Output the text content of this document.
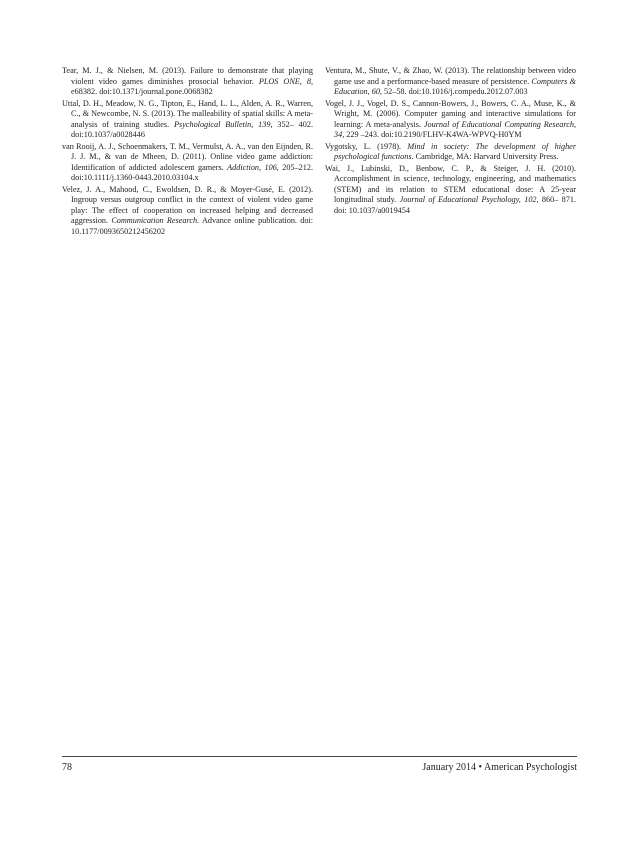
Tear, M. J., & Nielsen, M. (2013). Failure to demonstrate that playing violent video games diminishes prosocial behavior. PLOS ONE, 8, e68382. doi:10.1371/journal.pone.0068382

Uttal, D. H., Meadow, N. G., Tipton, E., Hand, L. L., Alden, A. R., Warren, C., & Newcombe, N. S. (2013). The malleability of spatial skills: A meta-analysis of training studies. Psychological Bulletin, 139, 352– 402. doi:10.1037/a0028446

van Rooij, A. J., Schoenmakers, T. M., Vermulst, A. A., van den Eijnden, R. J. J. M., & van de Mheen, D. (2011). Online video game addiction: Identification of addicted adolescent gamers. Addiction, 106, 205–212. doi:10.1111/j.1360-0443.2010.03104.x

Velez, J. A., Mahood, C., Ewoldsen, D. R., & Moyer-Gusé, E. (2012). Ingroup versus outgroup conflict in the context of violent video game play: The effect of cooperation on increased helping and decreased aggression. Communication Research. Advance online publication. doi: 10.1177/0093650212456202

Ventura, M., Shute, V., & Zhao, W. (2013). The relationship between video game use and a performance-based measure of persistence. Computers & Education, 60, 52–58. doi:10.1016/j.compedu.2012.07.003

Vogel, J. J., Vogel, D. S., Cannon-Bowers, J., Bowers, C. A., Muse, K., & Wright, M. (2006). Computer gaming and interactive simulations for learning: A meta-analysis. Journal of Educational Computing Research, 34, 229 –243. doi:10.2190/FLHV-K4WA-WPVQ-H0YM

Vygotsky, L. (1978). Mind in society: The development of higher psychological functions. Cambridge, MA: Harvard University Press.

Wai, J., Lubinski, D., Benbow, C. P., & Steiger, J. H. (2010). Accomplishment in science, technology, engineering, and mathematics (STEM) and its relation to STEM educational dose: A 25-year longitudinal study. Journal of Educational Psychology, 102, 860– 871. doi: 10.1037/a0019454

78	January 2014 • American Psychologist
